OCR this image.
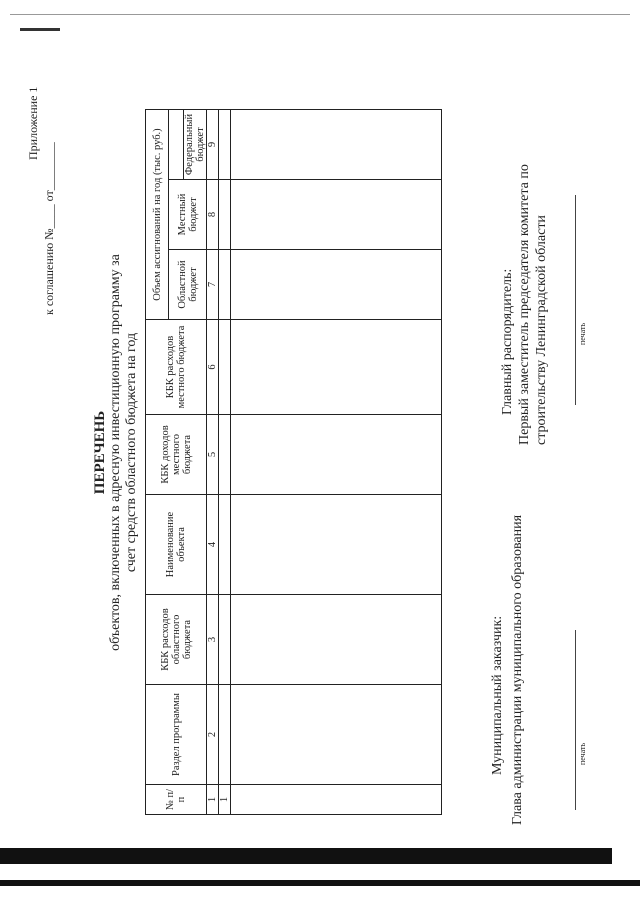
Приложение 1
к соглашению №____ от________
ПЕРЕЧЕНЬ объектов, включенных в адресную инвестиционную программу за счет средств областного бюджета на год
№ п/п	Раздел программы	КБК расходов областного бюджета	Наименование объекта	КБК доходов местного бюджета	КБК расходов местного бюджета	Объем ассигнований на год (тыс. руб.)		
						Областной бюджет	Местный бюджет	
								Федеральный бюджет
1	2	3	4	5	6	7	8	9
1								

Муниципальный заказчик: Глава администрации муниципального образования	печать
Главный распорядитель: Первый заместитель председателя комитета по строительству Ленинградской области	печать
